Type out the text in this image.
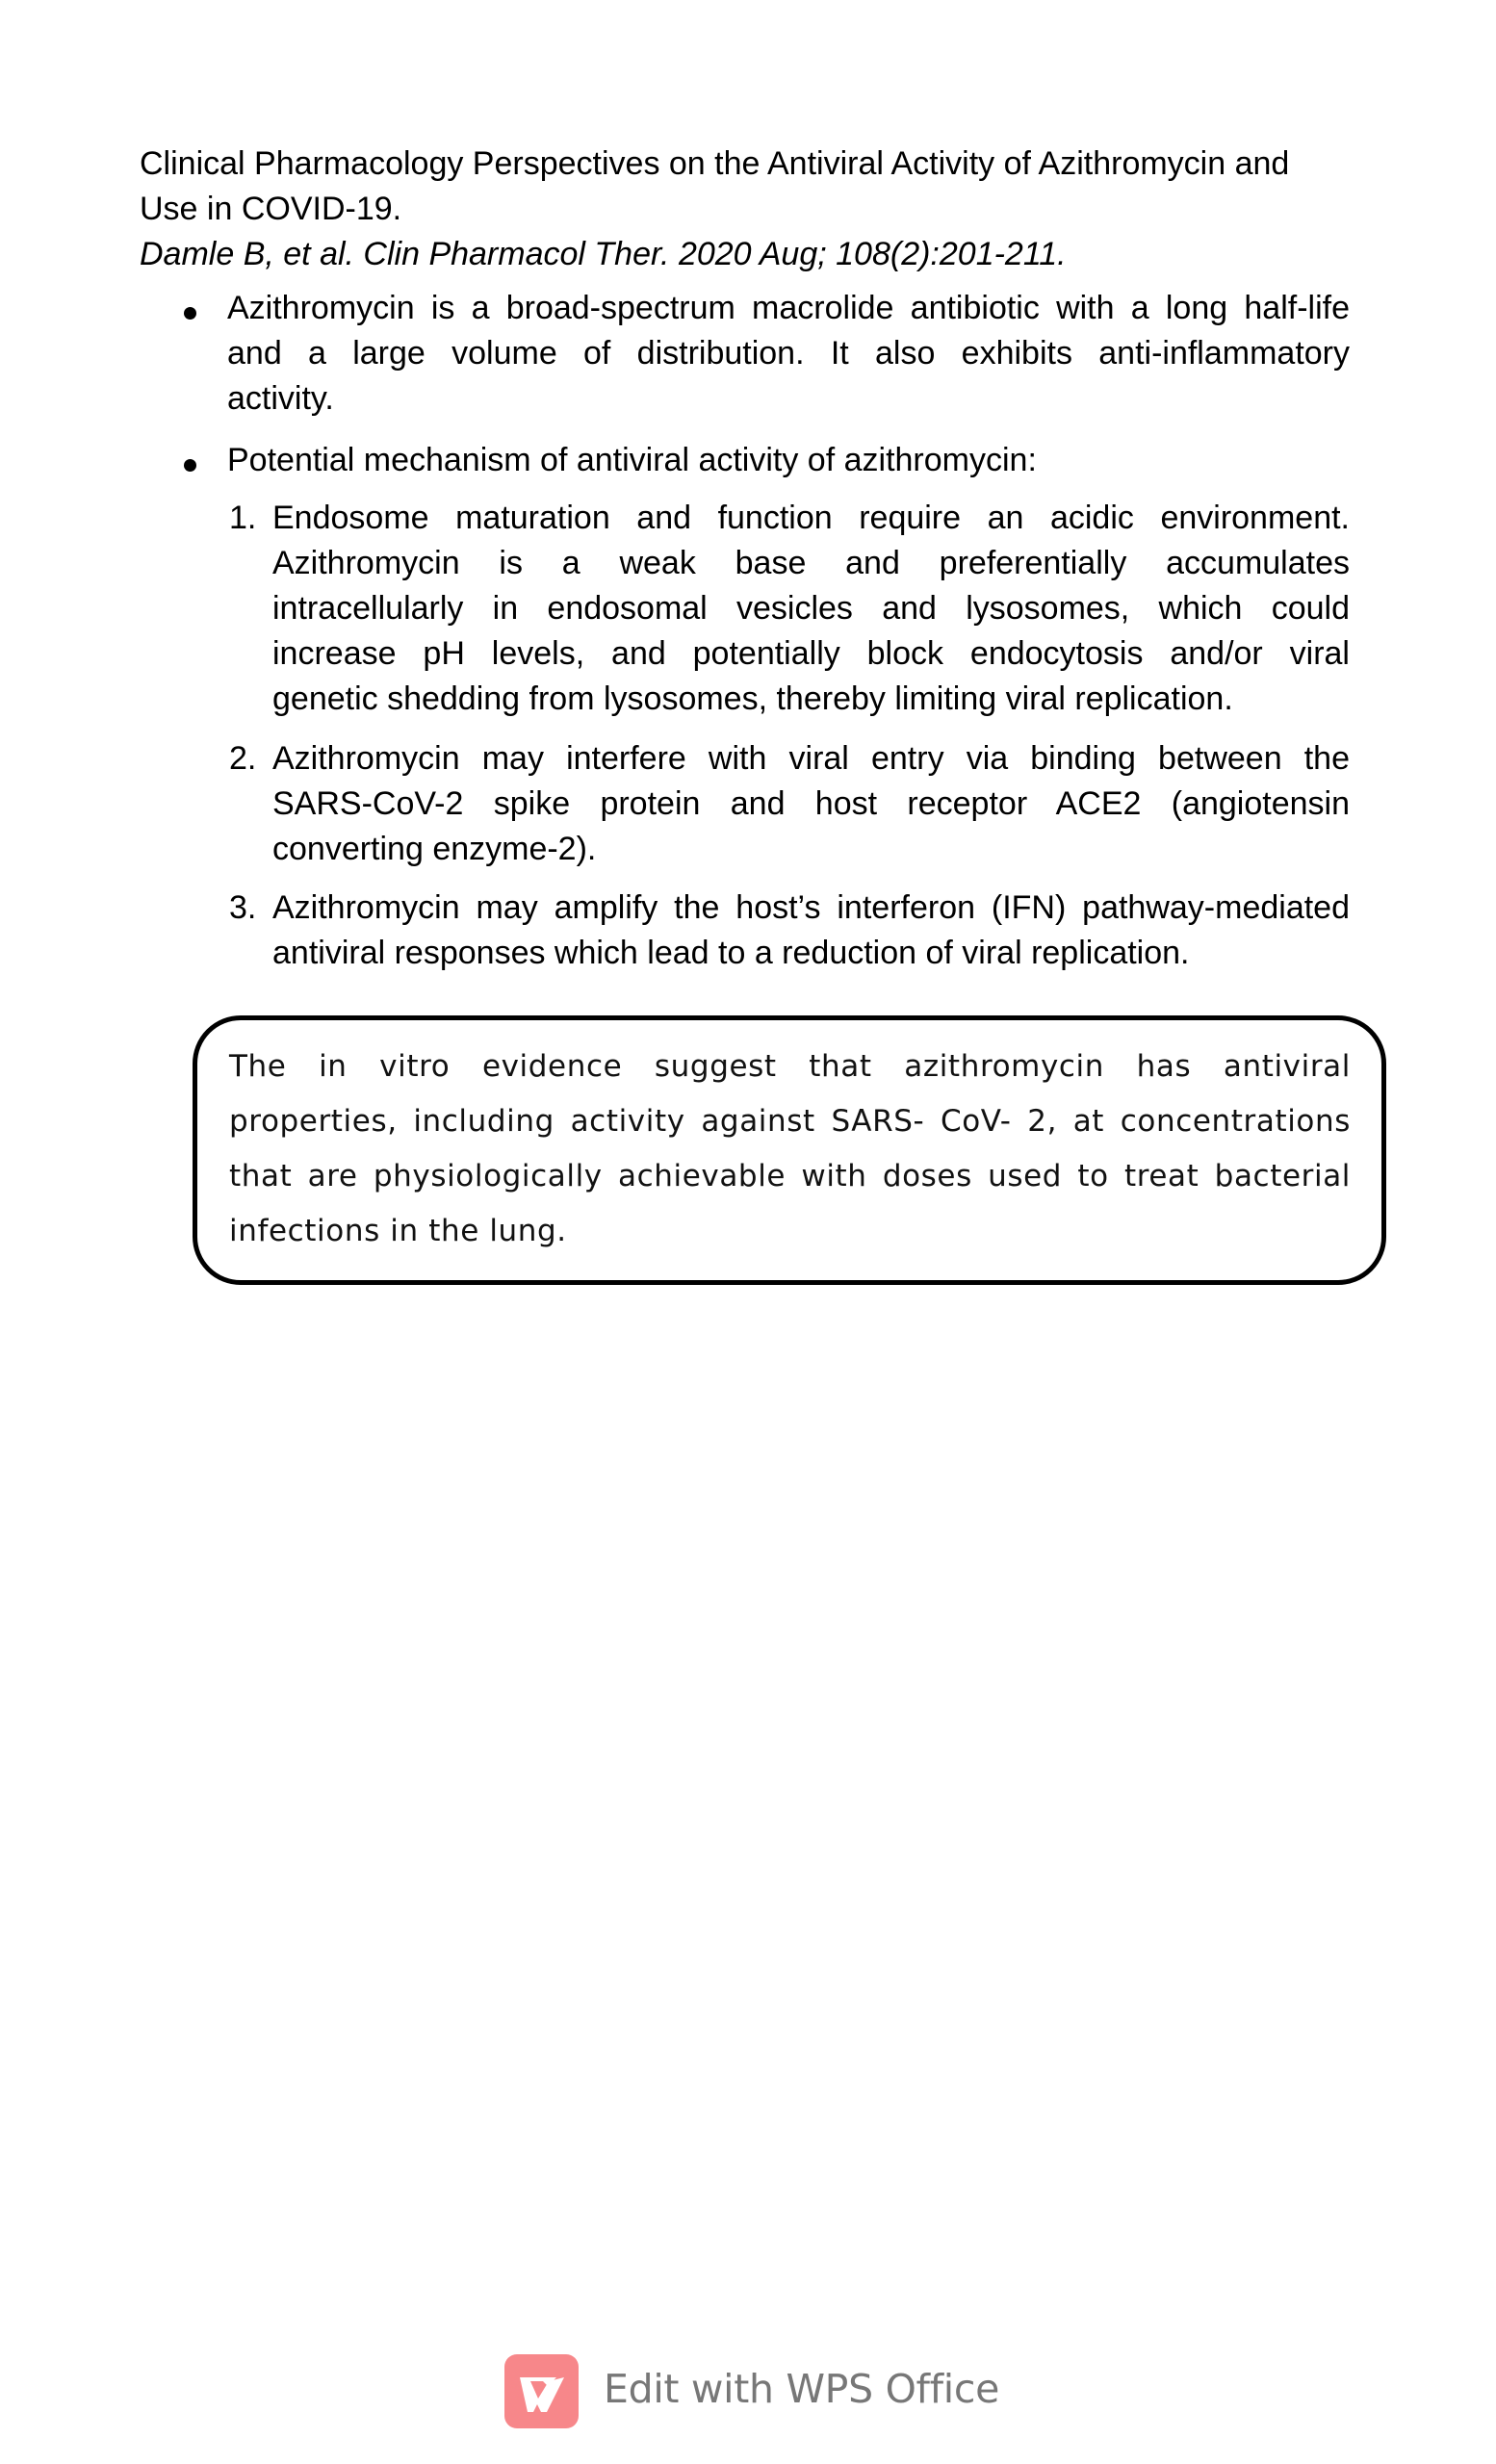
Clinical Pharmacology Perspectives on the Antiviral Activity of Azithromycin and
Use in COVID-19.
Damle B, et al. Clin Pharmacol Ther. 2020 Aug; 108(2):201-211.
Azithromycin is a broad-spectrum macrolide antibiotic with a long half-life
and a large volume of distribution. It also exhibits anti-inflammatory
activity.
Potential mechanism of antiviral activity of azithromycin:
1. Endosome maturation and function require an acidic environment.
Azithromycin is a weak base and preferentially accumulates
intracellularly in endosomal vesicles and lysosomes, which could
increase pH levels, and potentially block endocytosis and/or viral
genetic shedding from lysosomes, thereby limiting viral replication.
2. Azithromycin may interfere with viral entry via binding between the
SARS-CoV-2 spike protein and host receptor ACE2 (angiotensin
converting enzyme-2).
3. Azithromycin may amplify the host’s interferon (IFN) pathway-mediated
antiviral responses which lead to a reduction of viral replication.
The in vitro evidence suggest that azithromycin has antiviral
properties, including activity against SARS- CoV- 2, at concentrations
that are physiologically achievable with doses used to treat bacterial
infections in the lung.
Edit with WPS Office
